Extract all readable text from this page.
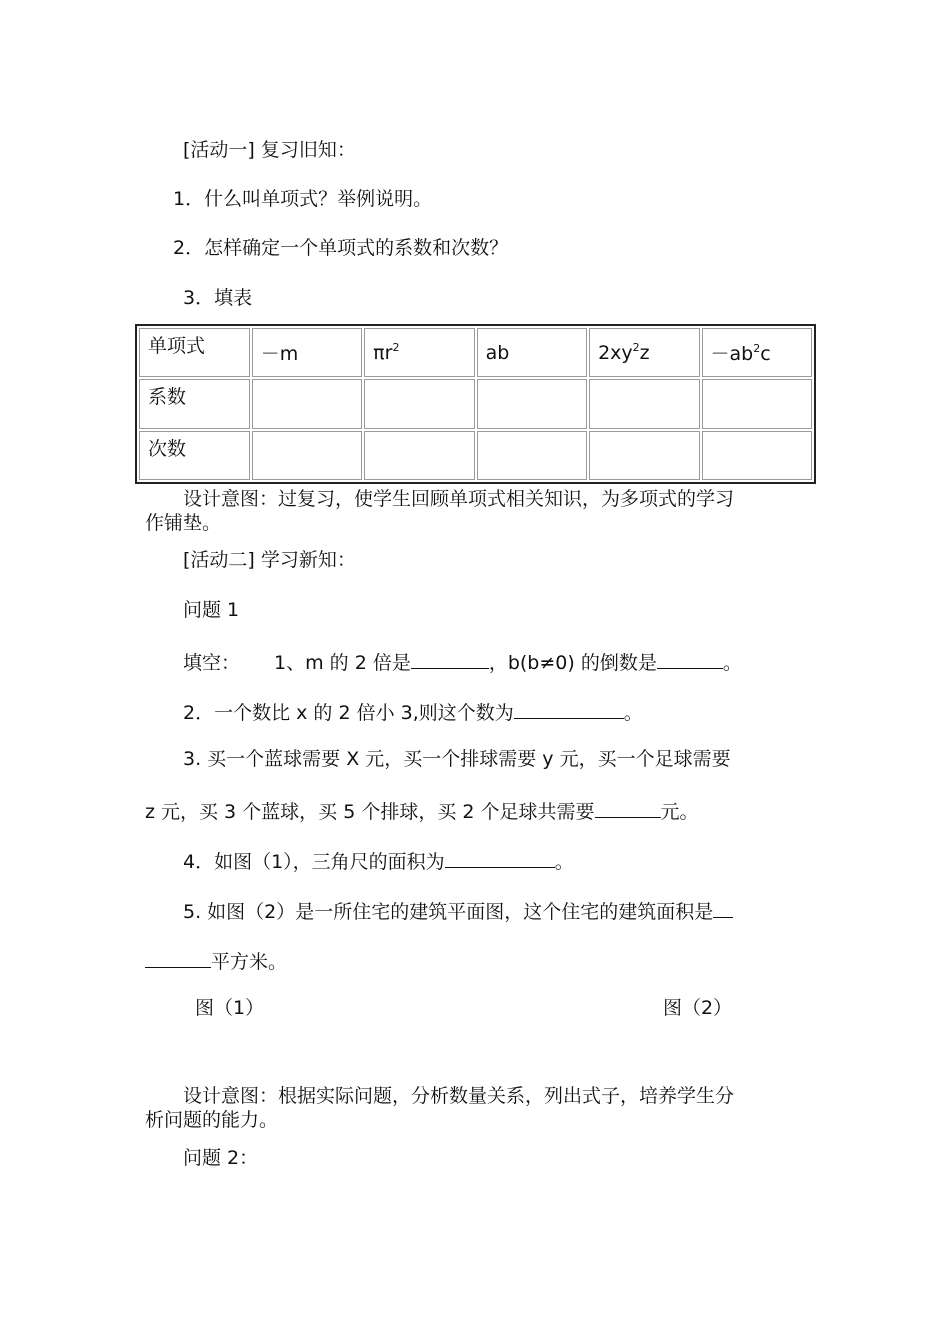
[活动一] 复习旧知：
1．什么叫单项式？举例说明。
2．怎样确定一个单项式的系数和次数？
3．填表
单项式	－m	$\pi r^2$	ab	$2xy^2z$	$-ab^2c$
系数					
次数					
设计意图：过复习，使学生回顾单项式相关知识，为多项式的学习
作铺垫。
[活动二] 学习新知：
问题 1
填空： 1、m 的 2 倍是	，b(b≠0) 的倒数是	。
2．一个数比 x 的 2 倍小 3,则这个数为	。
3. 买一个蓝球需要 X 元，买一个排球需要 y 元，买一个足球需要
z 元，买 3 个蓝球，买 5 个排球，买 2 个足球共需要	元。
4．如图（1），三角尺的面积为	。
5. 如图（2）是一所住宅的建筑平面图，这个住宅的建筑面积是
平方米。
图（1）	图（2）
设计意图：根据实际问题，分析数量关系，列出式子，培养学生分
析问题的能力。
问题 2：
